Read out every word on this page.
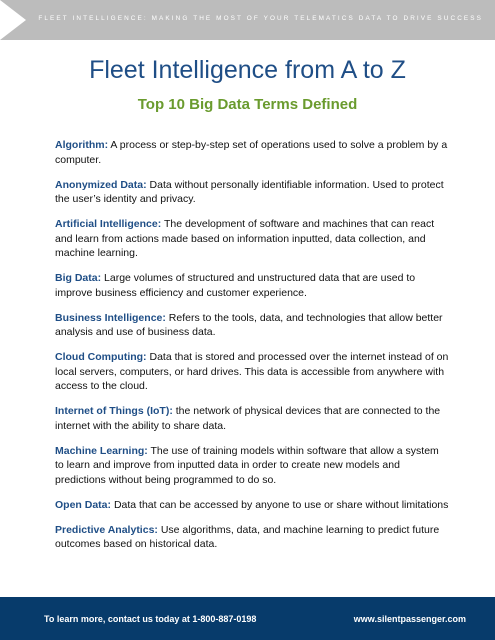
FLEET INTELLIGENCE: MAKING THE MOST OF YOUR TELEMATICS DATA TO DRIVE SUCCESS
Fleet Intelligence from A to Z
Top 10 Big Data Terms Defined
Algorithm: A process or step-by-step set of operations used to solve a problem by a computer.
Anonymized Data: Data without personally identifiable information. Used to protect the user’s identity and privacy.
Artificial Intelligence: The development of software and machines that can react and learn from actions made based on information inputted, data collection, and machine learning.
Big Data: Large volumes of structured and unstructured data that are used to improve business efficiency and customer experience.
Business Intelligence: Refers to the tools, data, and technologies that allow better analysis and use of business data.
Cloud Computing: Data that is stored and processed over the internet instead of on local servers, computers, or hard drives. This data is accessible from anywhere with access to the cloud.
Internet of Things (IoT): the network of physical devices that are connected to the internet with the ability to share data.
Machine Learning: The use of training models within software that allow a system to learn and improve from inputted data in order to create new models and predictions without being programmed to do so.
Open Data: Data that can be accessed by anyone to use or share without limitations
Predictive Analytics: Use algorithms, data, and machine learning to predict future outcomes based on historical data.
To learn more, contact us today at 1-800-887-0198	www.silentpassenger.com
